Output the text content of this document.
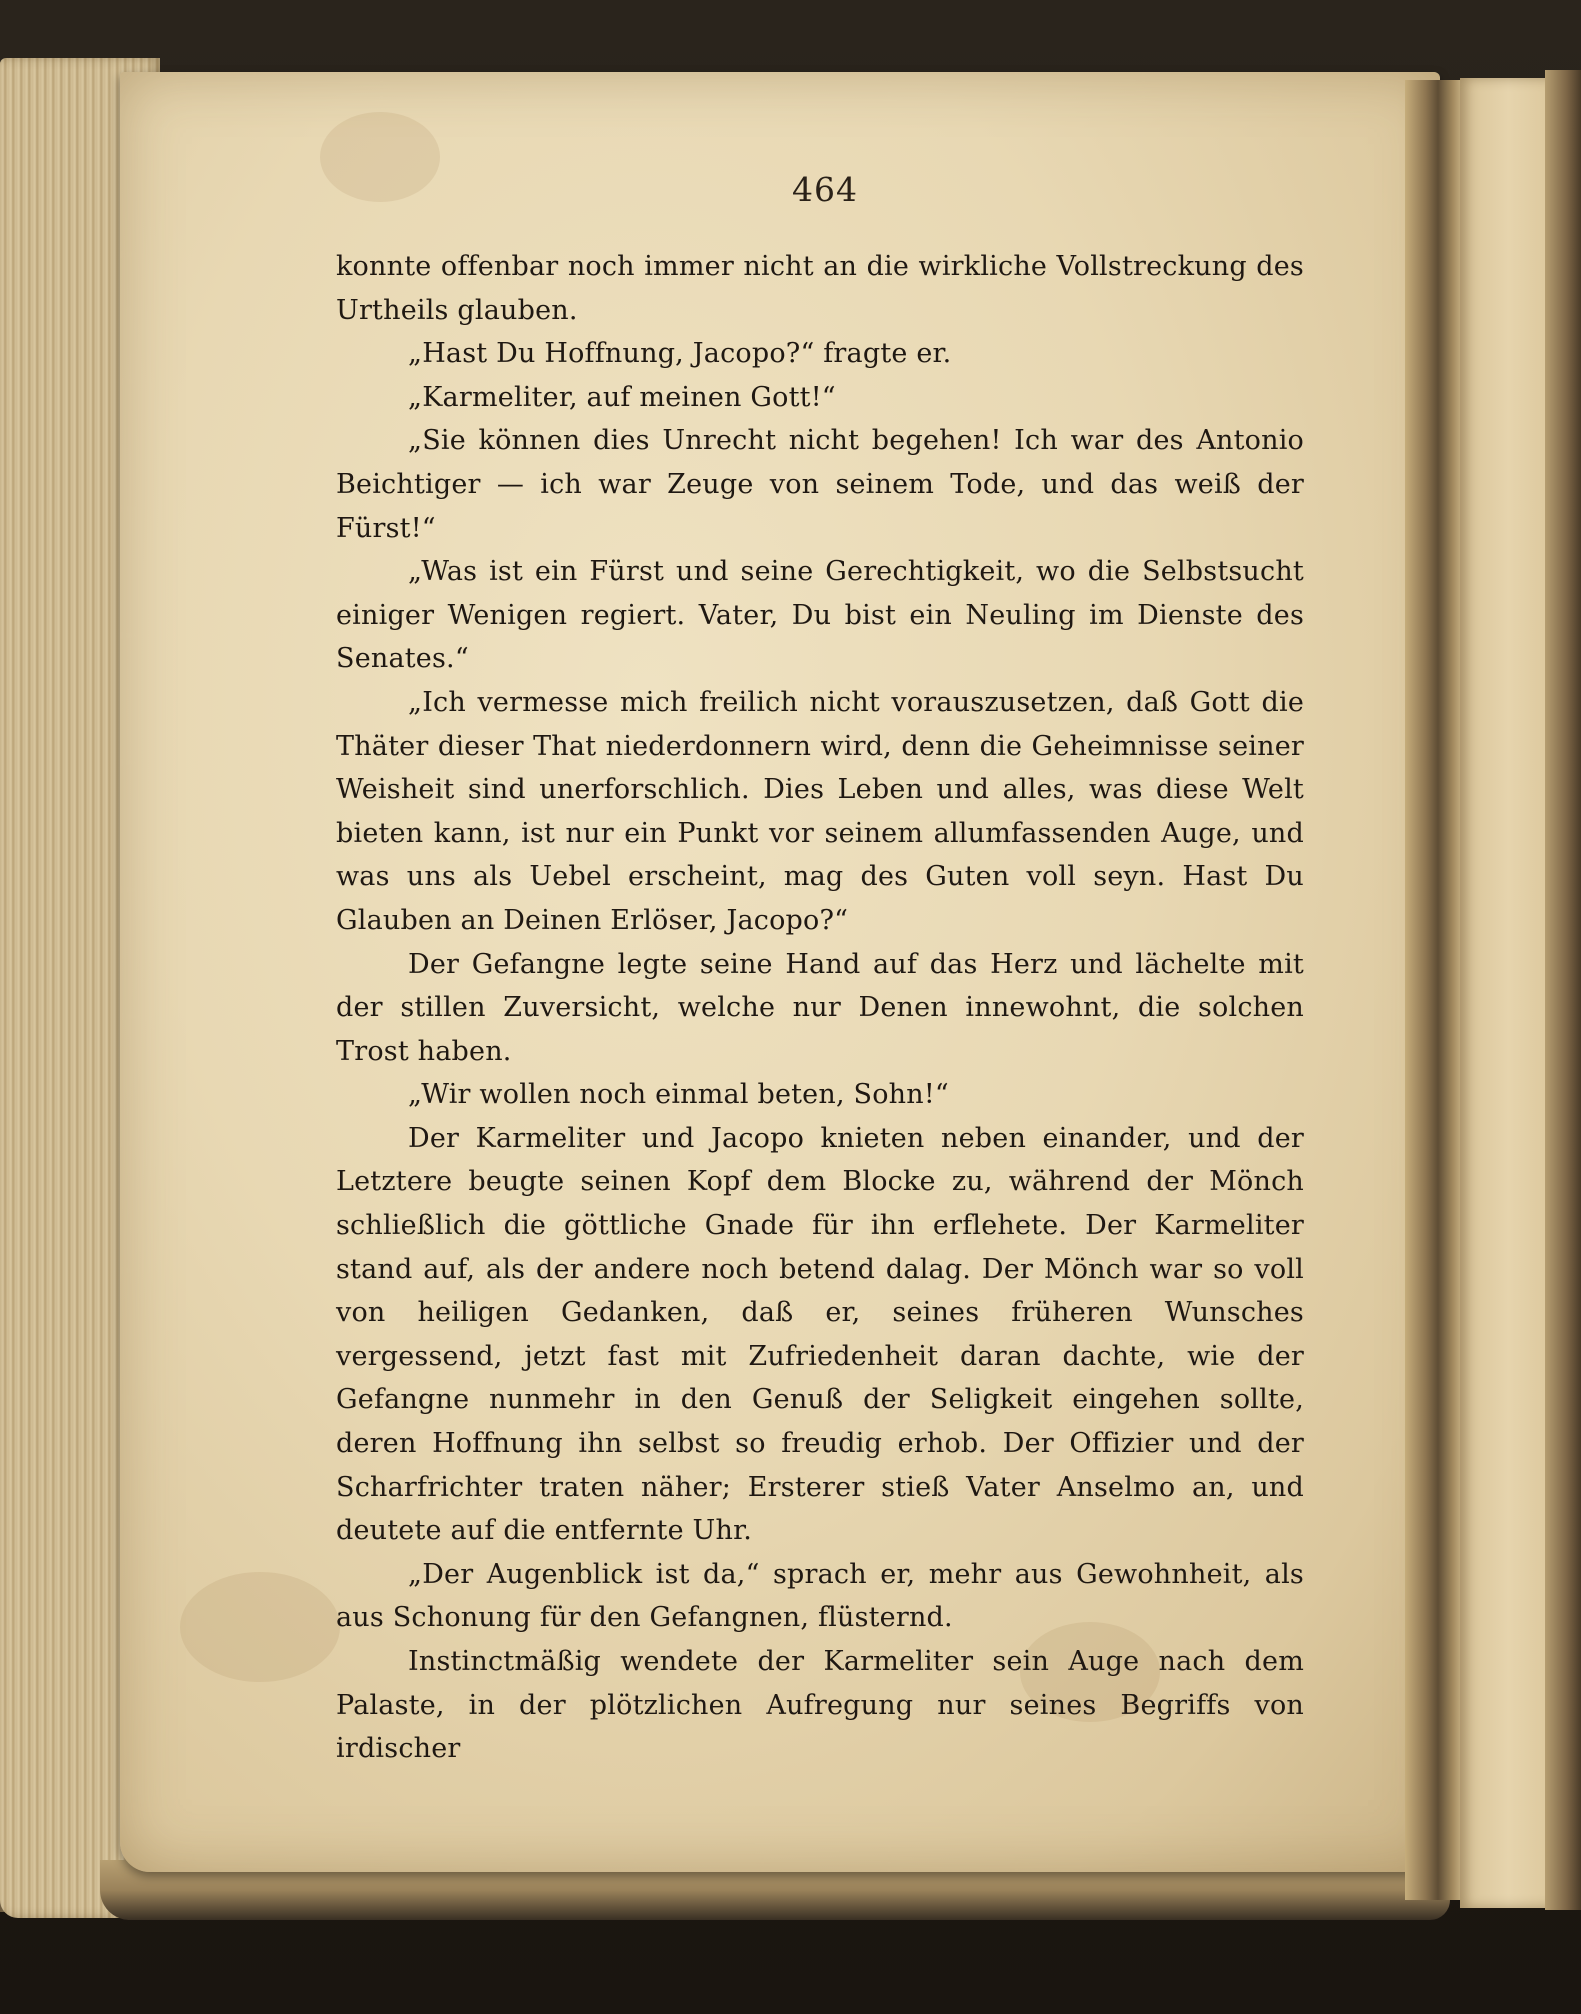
464

konnte offenbar noch immer nicht an die wirkliche Vollstreckung des Urtheils glauben.

„Hast Du Hoffnung, Jacopo?“ fragte er.

„Karmeliter, auf meinen Gott!“

„Sie können dies Unrecht nicht begehen! Ich war des Antonio Beichtiger — ich war Zeuge von seinem Tode, und das weiß der Fürst!“

„Was ist ein Fürst und seine Gerechtigkeit, wo die Selbstsucht einiger Wenigen regiert. Vater, Du bist ein Neuling im Dienste des Senates.“

„Ich vermesse mich freilich nicht vorauszusetzen, daß Gott die Thäter dieser That niederdonnern wird, denn die Geheimnisse seiner Weisheit sind unerforschlich. Dies Leben und alles, was diese Welt bieten kann, ist nur ein Punkt vor seinem allumfassenden Auge, und was uns als Uebel erscheint, mag des Guten voll seyn. Hast Du Glauben an Deinen Erlöser, Jacopo?“

Der Gefangne legte seine Hand auf das Herz und lächelte mit der stillen Zuversicht, welche nur Denen innewohnt, die solchen Trost haben.

„Wir wollen noch einmal beten, Sohn!“

Der Karmeliter und Jacopo knieten neben einander, und der Letztere beugte seinen Kopf dem Blocke zu, während der Mönch schließlich die göttliche Gnade für ihn erflehete. Der Karmeliter stand auf, als der andere noch betend dalag. Der Mönch war so voll von heiligen Gedanken, daß er, seines früheren Wunsches vergessend, jetzt fast mit Zufriedenheit daran dachte, wie der Gefangne nunmehr in den Genuß der Seligkeit eingehen sollte, deren Hoffnung ihn selbst so freudig erhob. Der Offizier und der Scharfrichter traten näher; Ersterer stieß Vater Anselmo an, und deutete auf die entfernte Uhr.

„Der Augenblick ist da,“ sprach er, mehr aus Gewohnheit, als aus Schonung für den Gefangnen, flüsternd.

Instinctmäßig wendete der Karmeliter sein Auge nach dem Palaste, in der plötzlichen Aufregung nur seines Begriffs von irdischer
